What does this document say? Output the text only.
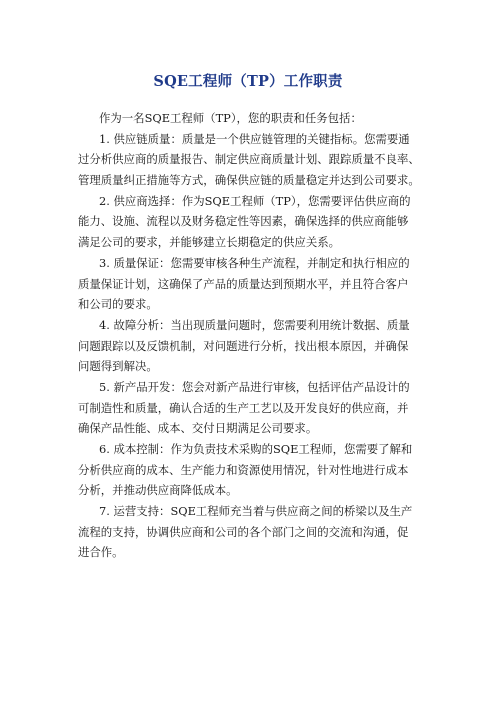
SQE工程师（TP）工作职责
作为一名SQE工程师（TP），您的职责和任务包括：
1. 供应链质量：质量是一个供应链管理的关键指标。您需要通
过分析供应商的质量报告、制定供应商质量计划、跟踪质量不良率、
管理质量纠正措施等方式，确保供应链的质量稳定并达到公司要求。
2. 供应商选择：作为SQE工程师（TP），您需要评估供应商的
能力、设施、流程以及财务稳定性等因素，确保选择的供应商能够
满足公司的要求，并能够建立长期稳定的供应关系。
3. 质量保证：您需要审核各种生产流程，并制定和执行相应的
质量保证计划，这确保了产品的质量达到预期水平，并且符合客户
和公司的要求。
4. 故障分析：当出现质量问题时，您需要利用统计数据、质量
问题跟踪以及反馈机制，对问题进行分析，找出根本原因，并确保
问题得到解决。
5. 新产品开发：您会对新产品进行审核，包括评估产品设计的
可制造性和质量，确认合适的生产工艺以及开发良好的供应商，并
确保产品性能、成本、交付日期满足公司要求。
6. 成本控制：作为负责技术采购的SQE工程师，您需要了解和
分析供应商的成本、生产能力和资源使用情况，针对性地进行成本
分析，并推动供应商降低成本。
7. 运营支持：SQE工程师充当着与供应商之间的桥梁以及生产
流程的支持，协调供应商和公司的各个部门之间的交流和沟通，促
进合作。
